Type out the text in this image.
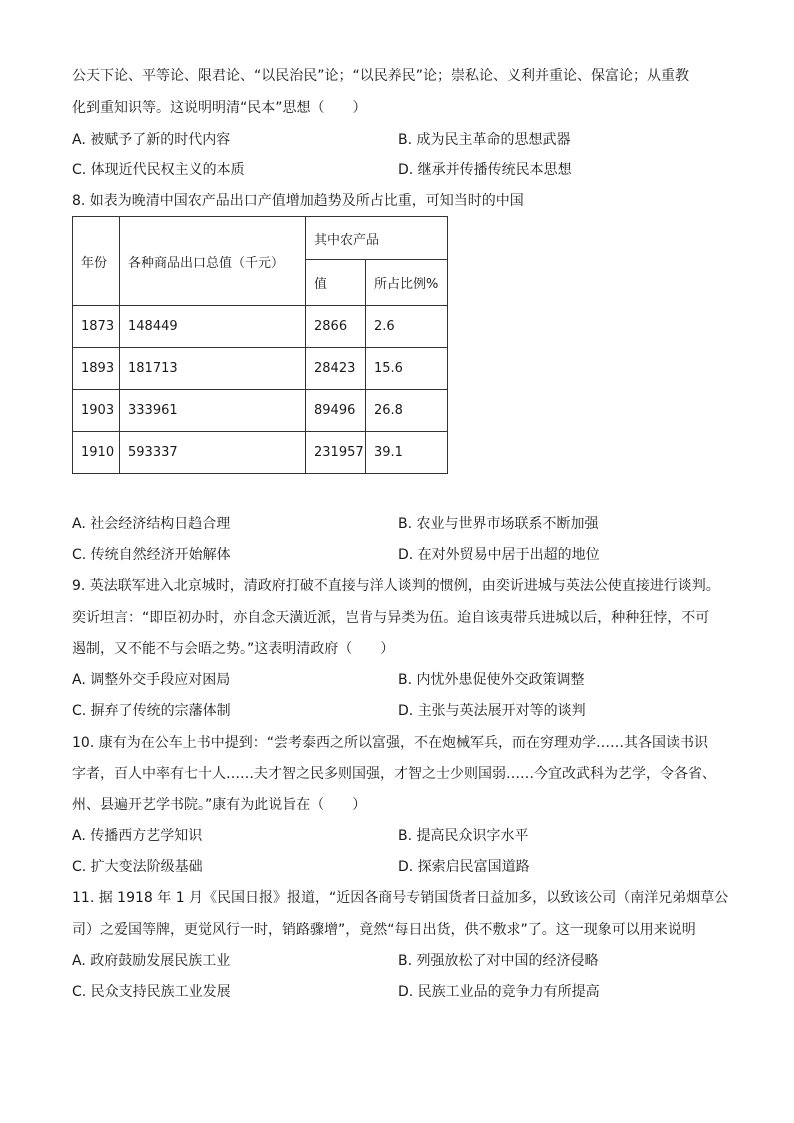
公天下论、平等论、限君论、“以民治民”论；“以民养民”论；崇私论、义利并重论、保富论；从重教
化到重知识等。这说明明清“民本”思想（　　）
A. 被赋予了新的时代内容	B. 成为民主革命的思想武器
C. 体现近代民权主义的本质	D. 继承并传播传统民本思想
8. 如表为晚清中国农产品出口产值增加趋势及所占比重，可知当时的中国
年份	各种商品出口总值（千元）	其中农产品	
		值	所占比例%
1873	148449	2866	2.6
1893	181713	28423	15.6
1903	333961	89496	26.8
1910	593337	231957	39.1
A. 社会经济结构日趋合理	B. 农业与世界市场联系不断加强
C. 传统自然经济开始解体	D. 在对外贸易中居于出超的地位
9. 英法联军进入北京城时，清政府打破不直接与洋人谈判的惯例，由奕䜣进城与英法公使直接进行谈判。
奕䜣坦言：“即臣初办时，亦自念天潢近派，岂肯与异类为伍。迨自该夷带兵进城以后，种种狂悖，不可
遏制，又不能不与会晤之势。”这表明清政府（　　）
A. 调整外交手段应对困局	B. 内忧外患促使外交政策调整
C. 摒弃了传统的宗藩体制	D. 主张与英法展开对等的谈判
10. 康有为在公车上书中提到：“尝考泰西之所以富强，不在炮械军兵，而在穷理劝学……其各国读书识
字者，百人中率有七十人……夫才智之民多则国强，才智之士少则国弱……今宜改武科为艺学，令各省、
州、县遍开艺学书院。”康有为此说旨在（　　）
A. 传播西方艺学知识	B. 提高民众识字水平
C. 扩大变法阶级基础	D. 探索启民富国道路
11. 据 1918 年 1 月《民国日报》报道，“近因各商号专销国货者日益加多，以致该公司（南洋兄弟烟草公
司）之爱国等牌，更觉风行一时，销路骤增”，竟然“每日出货，供不敷求”了。这一现象可以用来说明
A. 政府鼓励发展民族工业	B. 列强放松了对中国的经济侵略
C. 民众支持民族工业发展	D. 民族工业品的竞争力有所提高
